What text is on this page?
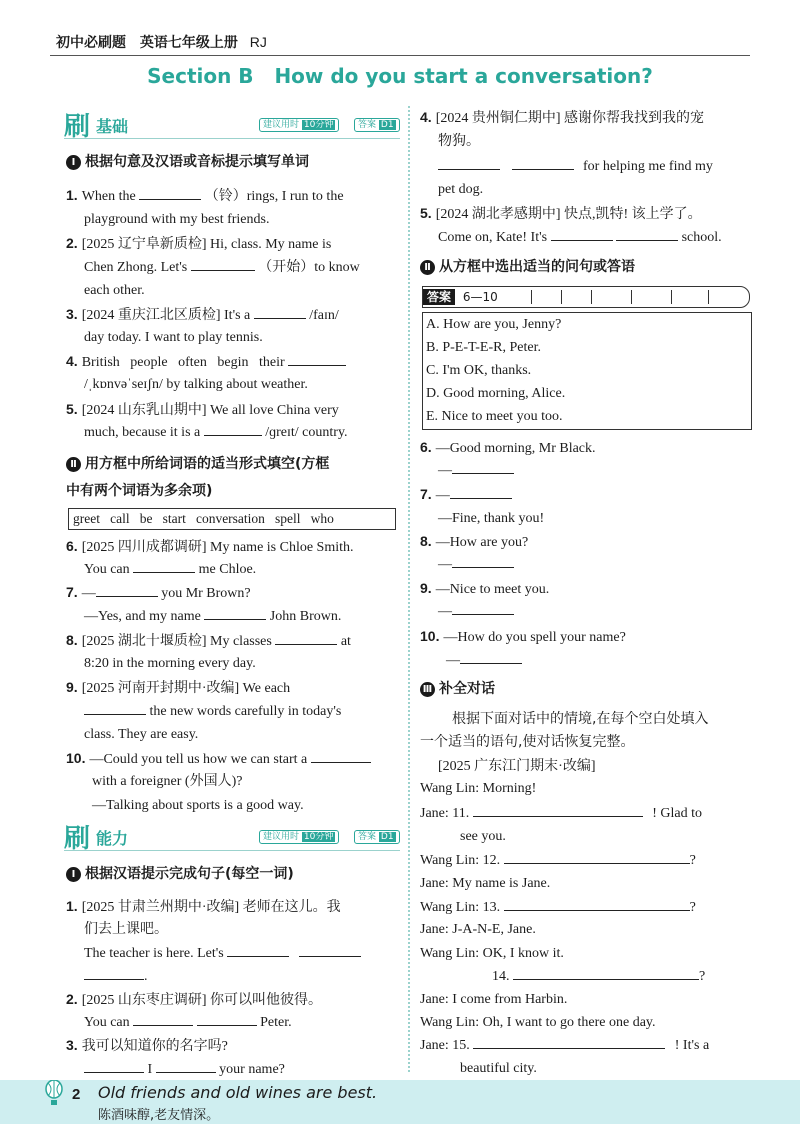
初中必刷题 英语七年级上册 RJ
Section B   How do you start a conversation?
刷 基础	建议用时 10分钟	答案 D1
Ⅰ 根据句意及汉语或音标提示填写单词
1. When the	（铃）rings, I run to the
playground with my best friends.
2. [2025 辽宁阜新质检] Hi, class. My name is
Chen Zhong. Let's	（开始）to know
each other.
3. [2024 重庆江北区质检] It's a	/faɪn/
day today. I want to play tennis.
4. British   people   often   begin   their
/ˌkɒnvəˈseɪʃn/ by talking about weather.
5. [2024 山东乳山期中] We all love China very
much, because it is a	/ɡreɪt/ country.
Ⅱ 用方框中所给词语的适当形式填空(方框
中有两个词语为多余项)
greet   call   be   start   conversation   spell   who
6. [2025 四川成都调研] My name is Chloe Smith.
You can	me Chloe.
7. —	you Mr Brown?
—Yes, and my name	John Brown.
8. [2025 湖北十堰质检] My classes	at
8:20 in the morning every day.
9. [2025 河南开封期中·改编] We each
the new words carefully in today's
class. They are easy.
10. —Could you tell us how we can start a
with a foreigner (外国人)?
—Talking about sports is a good way.
刷 能力	建议用时 10分钟	答案 D1
Ⅰ 根据汉语提示完成句子(每空一词)
1. [2025 甘肃兰州期中·改编] 老师在这儿。我
们去上课吧。
The teacher is here. Let's
.
2. [2025 山东枣庄调研] 你可以叫他彼得。
You can	Peter.
3. 我可以知道你的名字吗?
I	your name?
4. [2024 贵州铜仁期中] 感谢你帮我找到我的宠
物狗。
for helping me find my
pet dog.
5. [2024 湖北孝感期中] 快点,凯特! 该上学了。
Come on, Kate! It's	school.
Ⅱ 从方框中选出适当的问句或答语
答案 6—10
A. How are you, Jenny?
B. P-E-T-E-R, Peter.
C. I'm OK, thanks.
D. Good morning, Alice.
E. Nice to meet you too.
6. —Good morning, Mr Black.
—
7. —
—Fine, thank you!
8. —How are you?
—
9. —Nice to meet you.
—
10. —How do you spell your name?
—
Ⅲ 补全对话
根据下面对话中的情境,在每个空白处填入
一个适当的语句,使对话恢复完整。
[2025 广东江门期末·改编]
Wang Lin: Morning!
Jane: 11.	! Glad to
see you.
Wang Lin: 12.	?
Jane: My name is Jane.
Wang Lin: 13.	?
Jane: J-A-N-E, Jane.
Wang Lin: OK, I know it.
14.	?
Jane: I come from Harbin.
Wang Lin: Oh, I want to go there one day.
Jane: 15.	! It's a
beautiful city.
2 Old friends and old wines are best.
陈酒味醇,老友情深。
